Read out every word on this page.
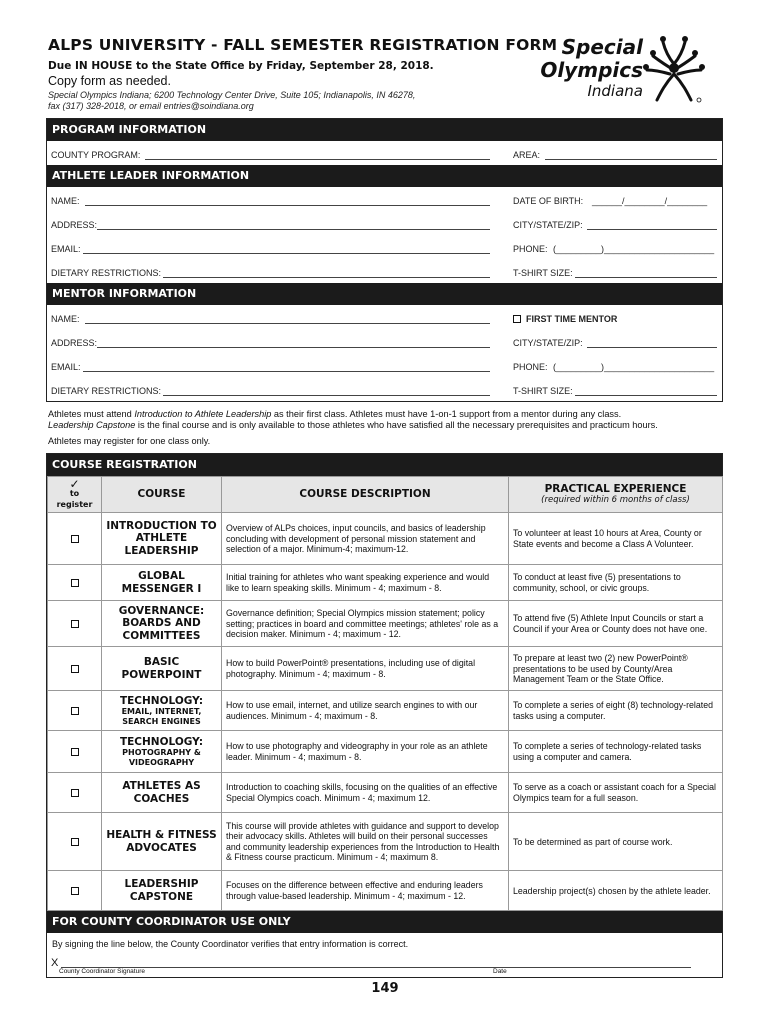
ALPS UNIVERSITY - FALL SEMESTER REGISTRATION FORM
Due IN HOUSE to the State Office by Friday, September 28, 2018.
Copy form as needed.
Special Olympics Indiana; 6200 Technology Center Drive, Suite 105; Indianapolis, IN 46278,
fax (317) 328-2018, or email entries@soindiana.org
Special
Olympics
Indiana
PROGRAM INFORMATION
COUNTY PROGRAM:	AREA:
ATHLETE LEADER INFORMATION
NAME:	DATE OF BIRTH: ______/________/________
ADDRESS:	CITY/STATE/ZIP:
EMAIL:	PHONE: (_________)______________________
DIETARY RESTRICTIONS:	T-SHIRT SIZE:
MENTOR INFORMATION
NAME:	FIRST TIME MENTOR
ADDRESS:	CITY/STATE/ZIP:
EMAIL:	PHONE: (_________)______________________
DIETARY RESTRICTIONS:	T-SHIRT SIZE:
Athletes must attend Introduction to Athlete Leadership as their first class. Athletes must have 1-on-1 support from a mentor during any class.
Leadership Capstone is the final course and is only available to those athletes who have satisfied all the necessary prerequisites and practicum hours.
Athletes may register for one class only.
COURSE REGISTRATION
✓
to register	COURSE	COURSE DESCRIPTION	PRACTICAL EXPERIENCE
(required within 6 months of class)

	INTRODUCTION TO ATHLETE LEADERSHIP	Overview of ALPs choices, input councils, and basics of leadership concluding with development of personal mission statement and selection of a major. Minimum-4; maximum-12.	To volunteer at least 10 hours at Area, County or State events and become a Class A Volunteer.
	GLOBAL MESSENGER I	Initial training for athletes who want speaking experience and would like to learn speaking skills. Minimum - 4; maximum - 8.	To conduct at least five (5) presentations to community, school, or civic groups.
	GOVERNANCE: BOARDS AND COMMITTEES	Governance definition; Special Olympics mission statement; policy setting; practices in board and committee meetings; athletes' role as a decision maker. Minimum - 4; maximum - 12.	To attend five (5) Athlete Input Councils or start a Council if your Area or County does not have one.
	BASIC POWERPOINT	How to build PowerPoint® presentations, including use of digital photography. Minimum - 4; maximum - 8.	To prepare at least two (2) new PowerPoint® presentations to be used by County/Area Management Team or the State Office.
	TECHNOLOGY:
EMAIL, INTERNET, SEARCH ENGINES	How to use email, internet, and utilize search engines to with our audiences. Minimum - 4; maximum - 8.	To complete a series of eight (8) technology-related tasks using a computer.
	TECHNOLOGY:
PHOTOGRAPHY & VIDEOGRAPHY	How to use photography and videography in your role as an athlete leader. Minimum - 4; maximum - 8.	To complete a series of technology-related tasks using a computer and camera.
	ATHLETES AS COACHES	Introduction to coaching skills, focusing on the qualities of an effective Special Olympics coach. Minimum - 4; maximum 12.	To serve as a coach or assistant coach for a Special Olympics team for a full season.
	HEALTH & FITNESS ADVOCATES	This course will provide athletes with guidance and support to develop their advocacy skills. Athletes will build on their personal successes and community leadership experiences from the Introduction to Health & Fitness course practicum. Minimum - 4; maximum 8.	To be determined as part of course work.
	LEADERSHIP CAPSTONE	Focuses on the difference between effective and enduring leaders through value-based leadership. Minimum - 4; maximum - 12.	Leadership project(s) chosen by the athlete leader.
FOR COUNTY COORDINATOR USE ONLY
By signing the line below, the County Coordinator verifies that entry information is correct.
X
County Coordinator Signature	Date
149
